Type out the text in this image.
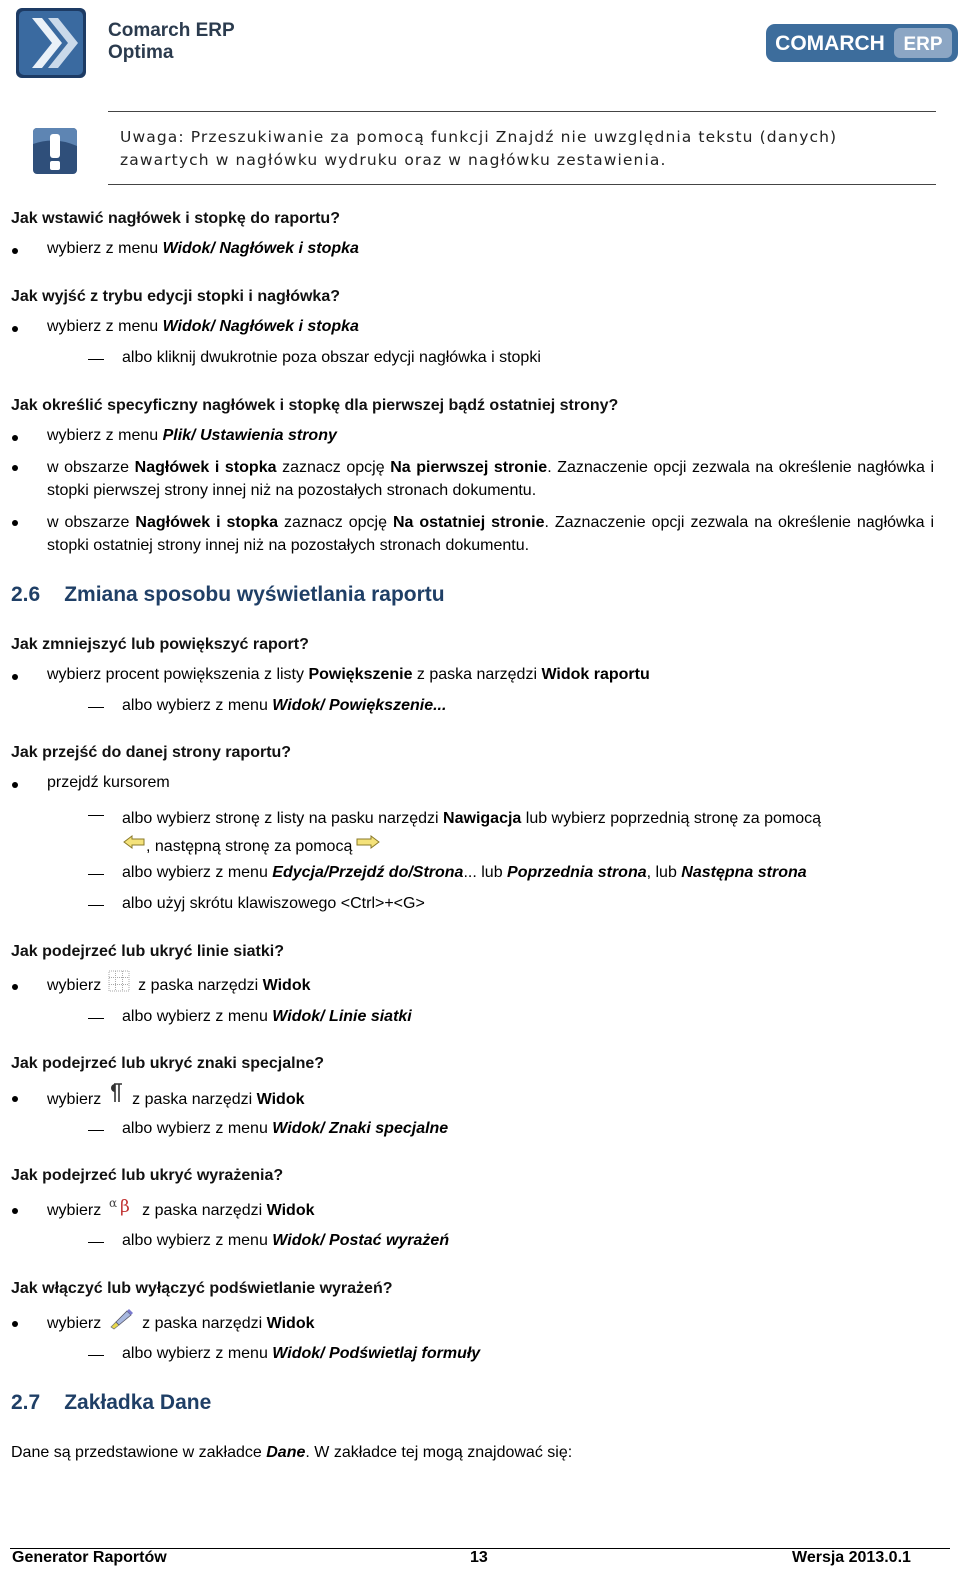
Comarch ERP
Optima	COMARCH ERP
Uwaga: Przeszukiwanie za pomocą funkcji Znajdź nie uwzględnia tekstu (danych) zawartych w nagłówku wydruku oraz w nagłówku zestawienia.
Jak wstawić nagłówek i stopkę do raportu?
wybierz z menu Widok/ Nagłówek i stopka
Jak wyjść z trybu edycji stopki i nagłówka?
wybierz z menu Widok/ Nagłówek i stopka
albo kliknij dwukrotnie poza obszar edycji nagłówka i stopki
Jak określić specyficzny nagłówek i stopkę dla pierwszej bądź ostatniej strony?
wybierz z menu Plik/ Ustawienia strony
w obszarze Nagłówek i stopka zaznacz opcję Na pierwszej stronie. Zaznaczenie opcji zezwala na określenie nagłówka i stopki pierwszej strony innej niż na pozostałych stronach dokumentu.
w obszarze Nagłówek i stopka zaznacz opcję Na ostatniej stronie. Zaznaczenie opcji zezwala na określenie nagłówka i stopki ostatniej strony innej niż na pozostałych stronach dokumentu.
2.6 Zmiana sposobu wyświetlania raportu
Jak zmniejszyć lub powiększyć raport?
wybierz procent powiększenia z listy Powiększenie z paska narzędzi Widok raportu
albo wybierz z menu Widok/ Powiększenie...
Jak przejść do danej strony raportu?
przejdź kursorem
albo wybierz stronę z listy na pasku narzędzi Nawigacja lub wybierz poprzednią stronę za pomocą
, następną stronę za pomocą
albo wybierz z menu Edycja/Przejdź do/Strona... lub Poprzednia strona, lub Następna strona
albo użyj skrótu klawiszowego <Ctrl>+<G>
Jak podejrzeć lub ukryć linie siatki?
wybierz  z paska narzędzi Widok
albo wybierz z menu Widok/ Linie siatki
Jak podejrzeć lub ukryć znaki specjalne?
wybierz  z paska narzędzi Widok
albo wybierz z menu Widok/ Znaki specjalne
Jak podejrzeć lub ukryć wyrażenia?
wybierz α β z paska narzędzi Widok
albo wybierz z menu Widok/ Postać wyrażeń
Jak włączyć lub wyłączyć podświetlanie wyrażeń?
wybierz  z paska narzędzi Widok
albo wybierz z menu Widok/ Podświetlaj formuły
2.7 Zakładka Dane
Dane są przedstawione w zakładce Dane. W zakładce tej mogą znajdować się:
Generator Raportów	13	Wersja 2013.0.1
